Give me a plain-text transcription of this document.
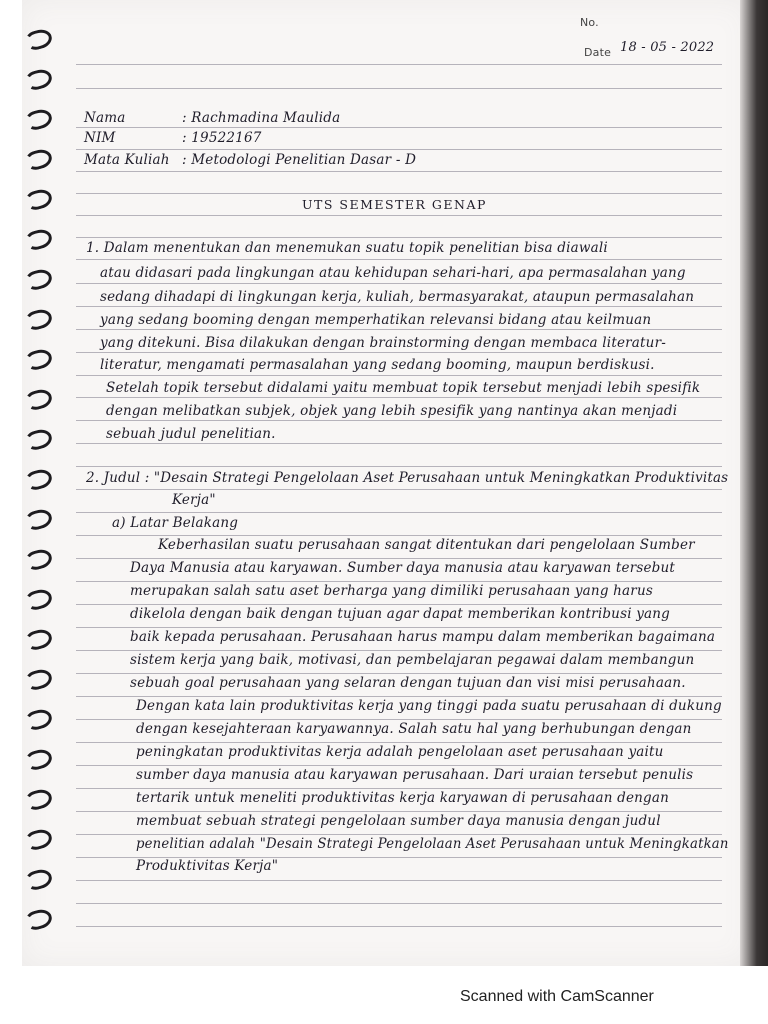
No.
Date 18 - 05 - 2022
Nama	: Rachmadina Maulida
NIM	: 19522167
Mata Kuliah : Metodologi Penelitian Dasar - D
UTS SEMESTER GENAP
1. Dalam menentukan dan menemukan suatu topik penelitian bisa diawali
atau didasari pada lingkungan atau kehidupan sehari-hari, apa permasalahan yang
sedang dihadapi di lingkungan kerja, kuliah, bermasyarakat, ataupun permasalahan
yang sedang booming dengan memperhatikan relevansi bidang atau keilmuan
yang ditekuni. Bisa dilakukan dengan brainstorming dengan membaca literatur-
literatur, mengamati permasalahan yang sedang booming, maupun berdiskusi.
Setelah topik tersebut didalami yaitu membuat topik tersebut menjadi lebih spesifik
dengan melibatkan subjek, objek yang lebih spesifik yang nantinya akan menjadi
sebuah judul penelitian.
2. Judul : "Desain Strategi Pengelolaan Aset Perusahaan untuk Meningkatkan Produktivitas
Kerja"
a) Latar Belakang
Keberhasilan suatu perusahaan sangat ditentukan dari pengelolaan Sumber
Daya Manusia atau karyawan. Sumber daya manusia atau karyawan tersebut
merupakan salah satu aset berharga yang dimiliki perusahaan yang harus
dikelola dengan baik dengan tujuan agar dapat memberikan kontribusi yang
baik kepada perusahaan. Perusahaan harus mampu dalam memberikan bagaimana
sistem kerja yang baik, motivasi, dan pembelajaran pegawai dalam membangun
sebuah goal perusahaan yang selaran dengan tujuan dan visi misi perusahaan.
Dengan kata lain produktivitas kerja yang tinggi pada suatu perusahaan di dukung
dengan kesejahteraan karyawannya. Salah satu hal yang berhubungan dengan
peningkatan produktivitas kerja adalah pengelolaan aset perusahaan yaitu
sumber daya manusia atau karyawan perusahaan. Dari uraian tersebut penulis
tertarik untuk meneliti produktivitas kerja karyawan di perusahaan dengan
membuat sebuah strategi pengelolaan sumber daya manusia dengan judul
penelitian adalah "Desain Strategi Pengelolaan Aset Perusahaan untuk Meningkatkan
Produktivitas Kerja"
Scanned with CamScanner
